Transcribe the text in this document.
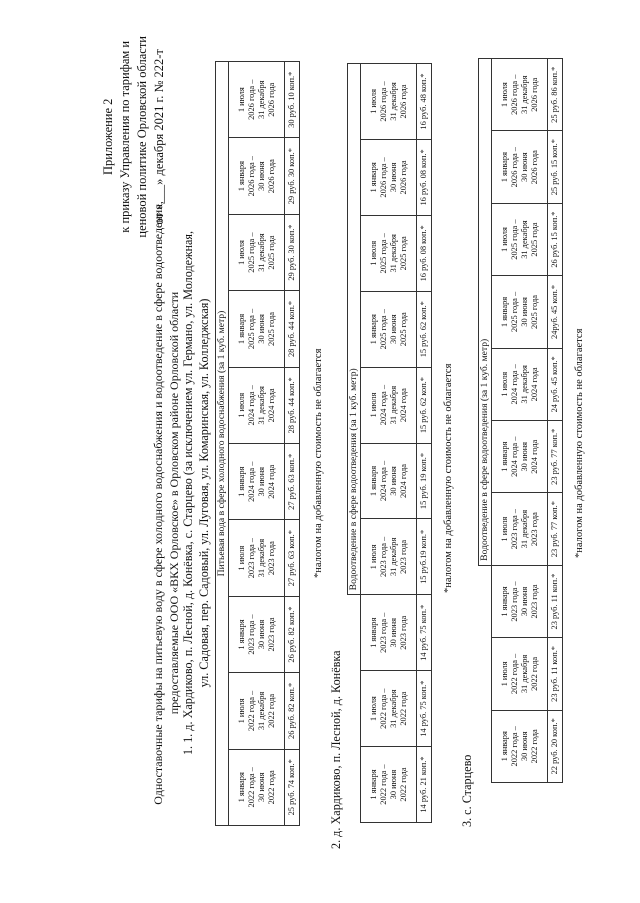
Приложение 2 к приказу Управления по тарифам и ценовой политике Орловской области от «___» декабря 2021 г. № 222-т
Одноставочные тарифы на питьевую воду в сфере холодного водоснабжения и водоотведение в сфере водоотведения, предоставляемые ООО «ВКХ Орловское» в Орловском районе Орловской области 1. 1. д. Хардиково, п. Лесной, д. Конёвка, с. Старцево (за исключением ул. Германо, ул. Молодежная, ул. Садовая, пер. Садовый, ул. Луговая, ул. Комаринская, ул. Колледжская) Питьевая вода в сфере холодного водоснабжения (за 1 куб. метр)									

1 января 2022 года – 30 июня 2022 года	1 июля 2022 года – 31 декабря 2022 года	1 января 2023 года – 30 июня 2023 года	1 июля 2023 года – 31 декабря 2023 года	1 января 2024 года – 30 июня 2024 года	1 июля 2024 года – 31 декабря 2024 года	1 января 2025 года – 30 июня 2025 года	1 июля 2025 года – 31 декабря 2025 года	1 января 2026 года – 30 июня 2026 года	1 июля 2026 года – 31 декабря 2026 года

25 руб. 74 коп.*	26 руб. 82 коп.*	26 руб. 82 коп.*	27 руб. 63 коп.*	27 руб. 63 коп.*	28 руб. 44 коп.*	28 руб. 44 коп.*	29 руб. 30 коп.*	29 руб. 30 коп.*	30 руб. 10 коп.*
*налогом на добавленную стоимость не облагается
2. д. Хардиково, п. Лесной, д. Конёвка
			Водоотведение в сфере водоотведения (за 1 куб. метр)						

1 января 2022 года – 30 июня 2022 года	1 июля 2022 года – 31 декабря 2022 года	1 января 2023 года – 30 июня 2023 года	1 июля 2023 года – 31 декабря 2023 года	1 января 2024 года – 30 июня 2024 года	1 июля 2024 года – 31 декабря 2024 года	1 января 2025 года – 30 июня 2025 года	1 июля 2025 года – 31 декабря 2025 года	1 января 2026 года – 30 июня 2026 года	1 июля 2026 года – 31 декабря 2026 года

14 руб. 21 коп.*	14 руб. 75 коп.*	14 руб. 75 коп.*	15 руб.19 коп.*	15 руб. 19 коп.*	15 руб. 62 коп.*	15 руб. 62 коп.*	16 руб. 08 коп.*	16 руб. 08 коп.*	16 руб. 48 коп.*
*налогом на добавленную стоимость не облагается
3. с. Старцево
			Водоотведение в сфере водоотведения (за 1 куб. метр)						

1 января 2022 года – 30 июня 2022 года	1 июля 2022 года – 31 декабря 2022 года	1 января 2023 года – 30 июня 2023 года	1 июля 2023 года – 31 декабря 2023 года	1 января 2024 года – 30 июня 2024 года	1 июля 2024 года – 31 декабря 2024 года	1 января 2025 года – 30 июня 2025 года	1 июля 2025 года – 31 декабря 2025 года	1 января 2026 года – 30 июня 2026 года	1 июля 2026 года – 31 декабря 2026 года

22 руб. 20 коп.*	23 руб. 11 коп.*	23 руб. 11 коп.*	23 руб. 77 коп.*	23 руб. 77 коп.*	24 руб. 45 коп.*	24руб. 45 коп.*	26 руб. 15 коп.*	25 руб. 15 коп.*	25 руб. 86 коп.*
*налогом на добавленную стоимость не облагается
